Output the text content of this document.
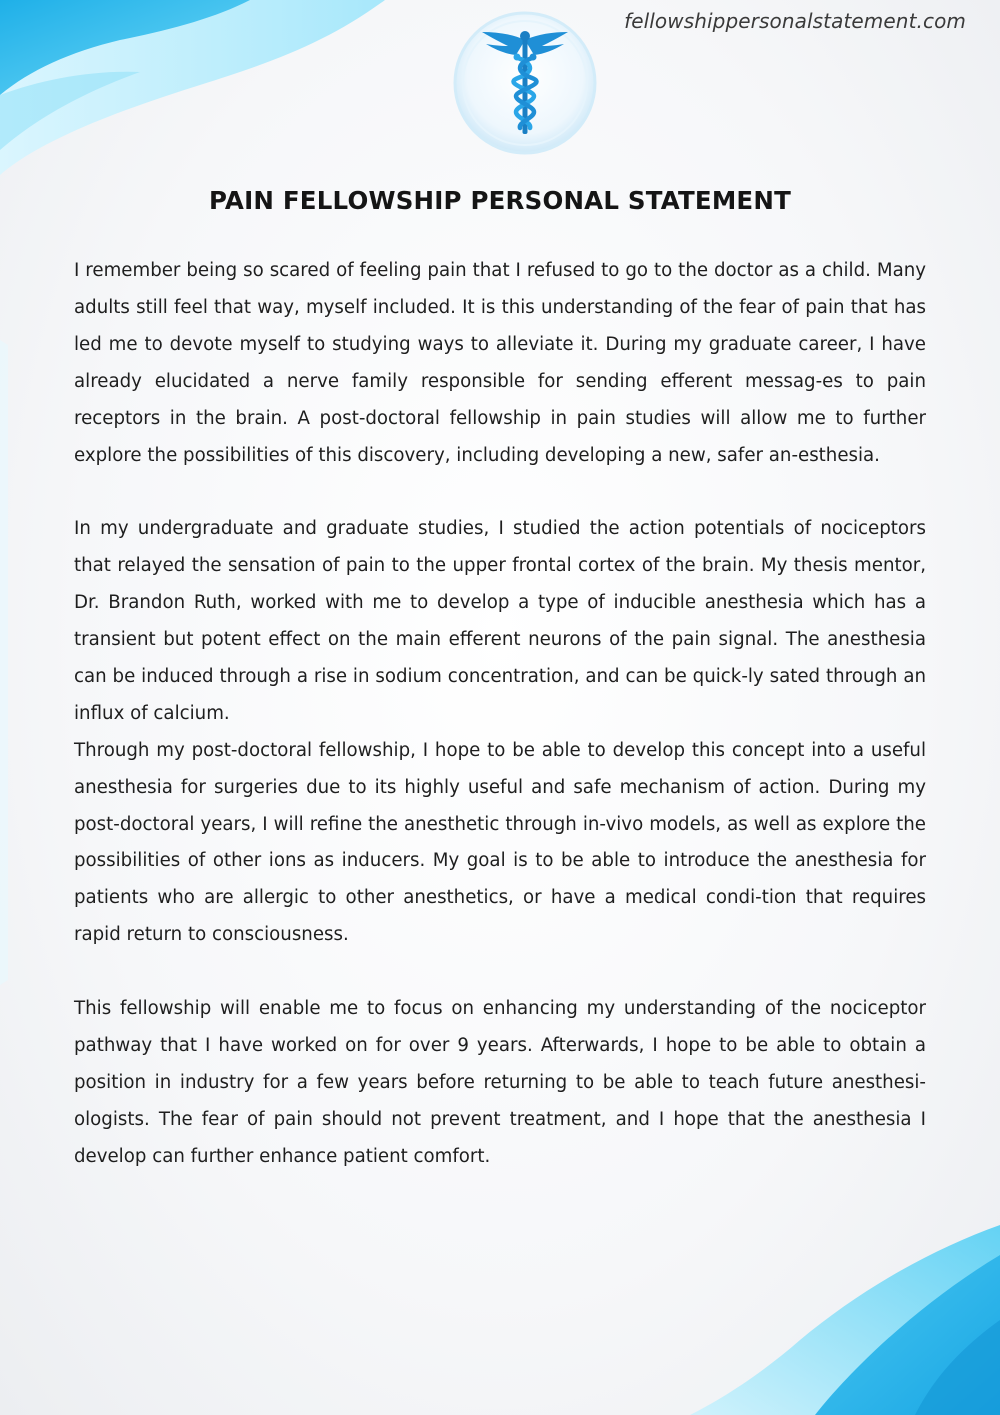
fellowshippersonalstatement.com
PAIN FELLOWSHIP PERSONAL STATEMENT

I remember being so scared of feeling pain that I refused to go to the doctor as a child. Many adults still feel that way, myself included. It is this understanding of the fear of pain that has led me to devote myself to studying ways to alleviate it. During my graduate career, I have already elucidated a nerve family responsible for sending efferent messag-es to pain receptors in the brain. A post-doctoral fellowship in pain studies will allow me to further explore the possibilities of this discovery, including developing a new, safer an-esthesia.

In my undergraduate and graduate studies, I studied the action potentials of nociceptors that relayed the sensation of pain to the upper frontal cortex of the brain. My thesis mentor, Dr. Brandon Ruth, worked with me to develop a type of inducible anesthesia which has a transient but potent effect on the main efferent neurons of the pain signal. The anesthesia can be induced through a rise in sodium concentration, and can be quick-ly sated through an influx of calcium.

Through my post-doctoral fellowship, I hope to be able to develop this concept into a useful anesthesia for surgeries due to its highly useful and safe mechanism of action. During my post-doctoral years, I will refine the anesthetic through in-vivo models, as well as explore the possibilities of other ions as inducers. My goal is to be able to introduce the anesthesia for patients who are allergic to other anesthetics, or have a medical condi-tion that requires rapid return to consciousness.

This fellowship will enable me to focus on enhancing my understanding of the nociceptor pathway that I have worked on for over 9 years. Afterwards, I hope to be able to obtain a position in industry for a few years before returning to be able to teach future anesthesi-ologists. The fear of pain should not prevent treatment, and I hope that the anesthesia I develop can further enhance patient comfort.
